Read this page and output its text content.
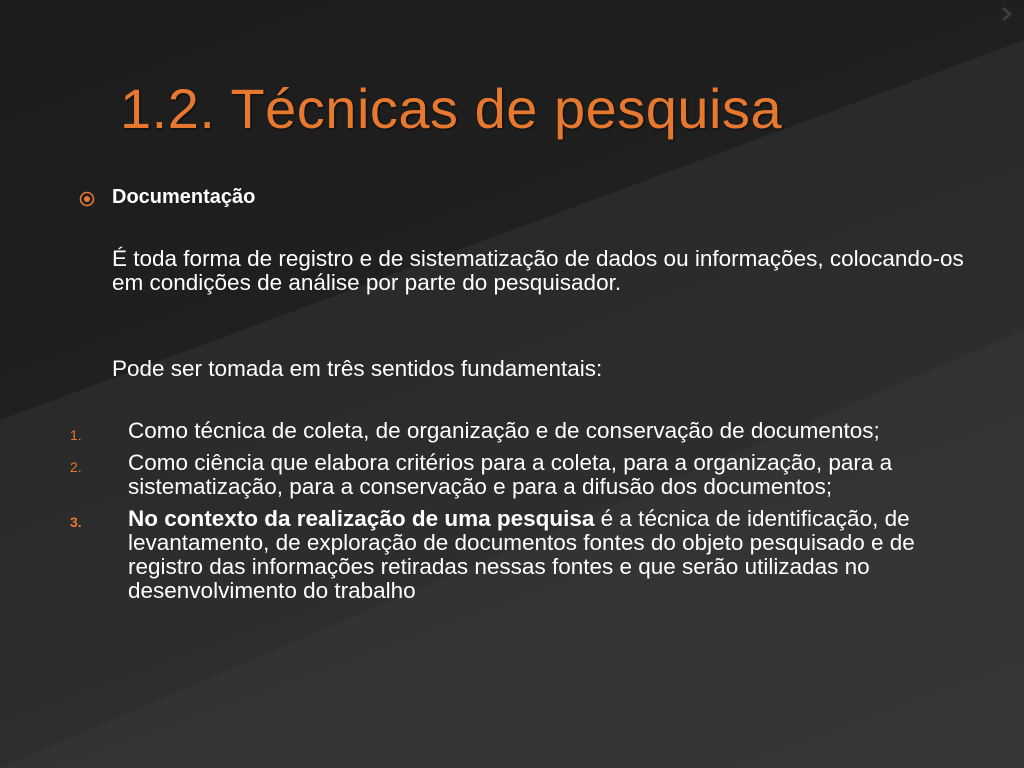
1.2. Técnicas de pesquisa
Documentação
É toda forma de registro e de sistematização de dados ou informações, colocando-os em condições de análise por parte do pesquisador.
Pode ser tomada em três sentidos fundamentais:
1. Como técnica de coleta, de organização e de conservação de documentos;
2. Como ciência que elabora critérios para a coleta, para a organização, para a sistematização, para a conservação e para a difusão dos documentos;
3. No contexto da realização de uma pesquisa é a técnica de identificação, de levantamento, de exploração de documentos fontes do objeto pesquisado e de registro das informações retiradas nessas fontes e que serão utilizadas no desenvolvimento do trabalho
